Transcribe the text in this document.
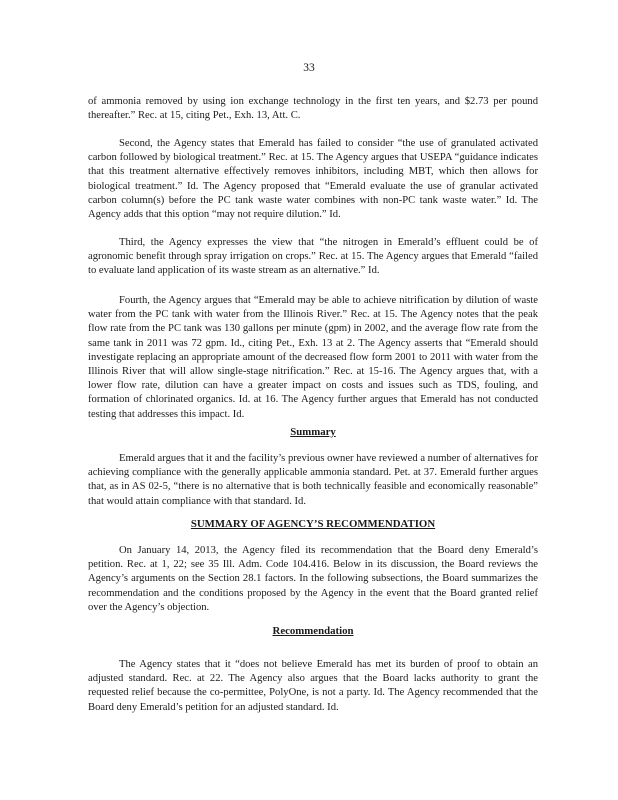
33

of ammonia removed by using ion exchange technology in the first ten years, and $2.73 per pound thereafter.” Rec. at 15, citing Pet., Exh. 13, Att. C.

Second, the Agency states that Emerald has failed to consider “the use of granulated activated carbon followed by biological treatment.” Rec. at 15. The Agency argues that USEPA “guidance indicates that this treatment alternative effectively removes inhibitors, including MBT, which then allows for biological treatment.” Id. The Agency proposed that “Emerald evaluate the use of granular activated carbon column(s) before the PC tank waste water combines with non-PC tank waste water.” Id. The Agency adds that this option “may not require dilution.” Id.

Third, the Agency expresses the view that “the nitrogen in Emerald’s effluent could be of agronomic benefit through spray irrigation on crops.” Rec. at 15. The Agency argues that Emerald “failed to evaluate land application of its waste stream as an alternative.” Id.

Fourth, the Agency argues that “Emerald may be able to achieve nitrification by dilution of waste water from the PC tank with water from the Illinois River.” Rec. at 15. The Agency notes that the peak flow rate from the PC tank was 130 gallons per minute (gpm) in 2002, and the average flow rate from the same tank in 2011 was 72 gpm. Id., citing Pet., Exh. 13 at 2. The Agency asserts that “Emerald should investigate replacing an appropriate amount of the decreased flow form 2001 to 2011 with water from the Illinois River that will allow single-stage nitrification.” Rec. at 15-16. The Agency argues that, with a lower flow rate, dilution can have a greater impact on costs and issues such as TDS, fouling, and formation of chlorinated organics. Id. at 16. The Agency further argues that Emerald has not conducted testing that addresses this impact. Id.

Summary

Emerald argues that it and the facility’s previous owner have reviewed a number of alternatives for achieving compliance with the generally applicable ammonia standard. Pet. at 37. Emerald further argues that, as in AS 02-5, “there is no alternative that is both technically feasible and economically reasonable” that would attain compliance with that standard. Id.

SUMMARY OF AGENCY’S RECOMMENDATION

On January 14, 2013, the Agency filed its recommendation that the Board deny Emerald’s petition. Rec. at 1, 22; see 35 Ill. Adm. Code 104.416. Below in its discussion, the Board reviews the Agency’s arguments on the Section 28.1 factors. In the following subsections, the Board summarizes the recommendation and the conditions proposed by the Agency in the event that the Board granted relief over the Agency’s objection.

Recommendation

The Agency states that it “does not believe Emerald has met its burden of proof to obtain an adjusted standard. Rec. at 22. The Agency also argues that the Board lacks authority to grant the requested relief because the co-permittee, PolyOne, is not a party. Id. The Agency recommended that the Board deny Emerald’s petition for an adjusted standard. Id.
